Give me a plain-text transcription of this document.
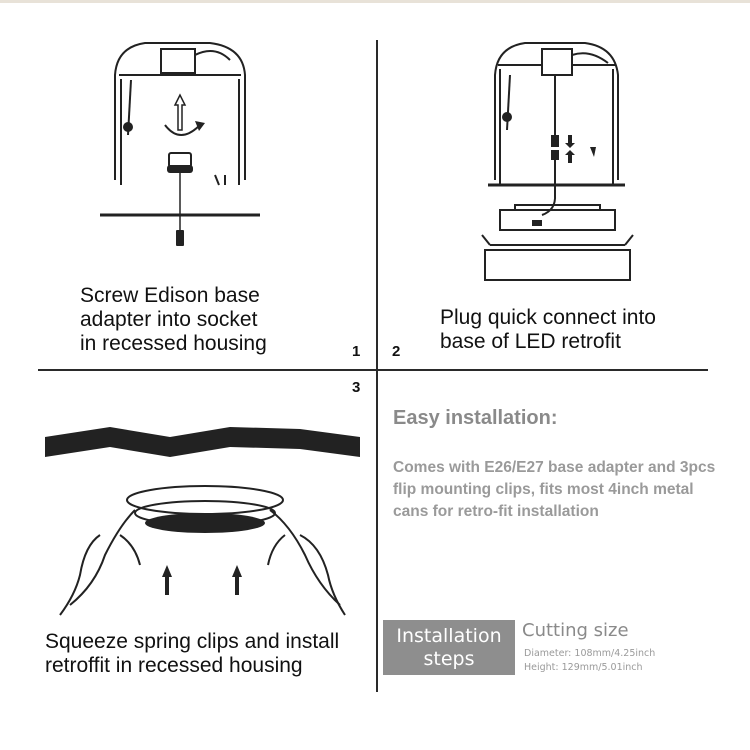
Screw Edison base
adapter into socket
in recessed housing	1
Plug quick connect into
base of LED retrofit
2
3
Squeeze spring clips and install
retroffit in recessed housing
Easy installation:
Comes with E26/E27 base adapter and 3pcs flip mounting clips, fits most 4inch metal cans for retro-fit installation
Installation
steps
Cutting size
Diameter: 108mm/4.25inch
Height: 129mm/5.01inch
